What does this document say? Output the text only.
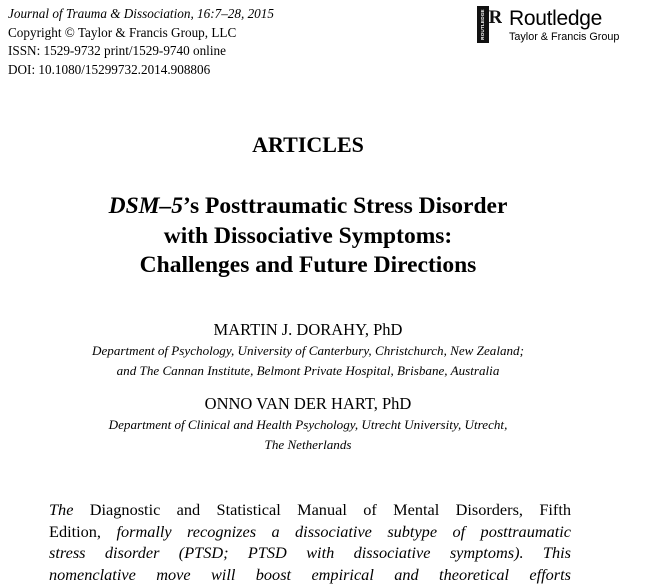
Journal of Trauma & Dissociation, 16:7–28, 2015
Copyright © Taylor & Francis Group, LLC
ISSN: 1529-9732 print/1529-9740 online
DOI: 10.1080/15299732.2014.908806
ROUTLEDGE R Routledge
Taylor & Francis Group
ARTICLES
DSM–5’s Posttraumatic Stress Disorder
with Dissociative Symptoms:
Challenges and Future Directions
MARTIN J. DORAHY, PhD
Department of Psychology, University of Canterbury, Christchurch, New Zealand;
and The Cannan Institute, Belmont Private Hospital, Brisbane, Australia
ONNO VAN DER HART, PhD
Department of Clinical and Health Psychology, Utrecht University, Utrecht,
The Netherlands
The Diagnostic and Statistical Manual of Mental Disorders, Fifth
Edition, formally recognizes a dissociative subtype of posttraumatic
stress disorder (PTSD; PTSD with dissociative symptoms). This
nomenclative move will boost empirical and theoretical efforts
